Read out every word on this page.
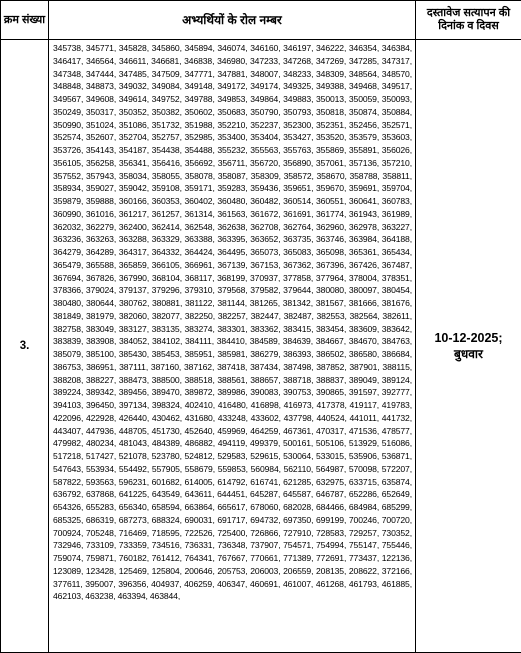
क्रम संख्या	अभ्यर्थियों के रोल नम्बर	दस्तावेज सत्यापन की दिनांक व दिवस
3.	345738, 345771, 345828, 345860, 345894, 346074, 346160, 346197, 346222, 346354, 346384, 346417, 346564, 346611, 346681, 346838, 346980, 347233, 347268, 347269, 347285, 347317, 347348, 347444, 347485, 347509, 347771, 347881, 348007, 348233, 348309, 348564, 348570, 348848, 348873, 349032, 349084, 349148, 349172, 349174, 349325, 349388, 349468, 349517, 349567, 349608, 349614, 349752, 349788, 349853, 349864, 349883, 350013, 350059, 350093, 350249, 350317, 350352, 350382, 350602, 350683, 350790, 350793, 350818, 350874, 350884, 350990, 351024, 351086, 351732, 351988, 352210, 352237, 352300, 352351, 352456, 352571, 352574, 352607, 352704, 352757, 352985, 353400, 353404, 353427, 353520, 353579, 353603, 353726, 354143, 354187, 354438, 354488, 355232, 355563, 355763, 355869, 355891, 356026, 356105, 356258, 356341, 356416, 356692, 356711, 356720, 356890, 357061, 357136, 357210, 357552, 357943, 358034, 358055, 358078, 358087, 358309, 358572, 358670, 358788, 358811, 358934, 359027, 359042, 359108, 359171, 359283, 359436, 359651, 359670, 359691, 359704, 359879, 359888, 360166, 360353, 360402, 360480, 360482, 360514, 360551, 360641, 360783, 360990, 361016, 361217, 361257, 361314, 361563, 361672, 361691, 361774, 361943, 361989, 362032, 362279, 362400, 362414, 362548, 362638, 362708, 362764, 362960, 362978, 363227, 363236, 363263, 363288, 363329, 363388, 363395, 363652, 363735, 363746, 363984, 364188, 364279, 364289, 364317, 364332, 364424, 364495, 365073, 365083, 365098, 365361, 365434, 365479, 365588, 365859, 366105, 366961, 367139, 367153, 367362, 367396, 367426, 367487, 367694, 367826, 367990, 368104, 368117, 368199, 370937, 377858, 377964, 378004, 378351, 378366, 379024, 379137, 379296, 379310, 379568, 379582, 379644, 380080, 380097, 380454, 380480, 380644, 380762, 380881, 381122, 381144, 381265, 381342, 381567, 381666, 381676, 381849, 381979, 382060, 382077, 382250, 382257, 382447, 382487, 382553, 382564, 382611, 382758, 383049, 383127, 383135, 383274, 383301, 383362, 383415, 383454, 383609, 383642, 383839, 383908, 384052, 384102, 384111, 384410, 384589, 384639, 384667, 384670, 384763, 385079, 385100, 385430, 385453, 385951, 385981, 386279, 386393, 386502, 386580, 386684, 386753, 386951, 387111, 387160, 387162, 387418, 387434, 387498, 387852, 387901, 388115, 388208, 388227, 388473, 388500, 388518, 388561, 388657, 388718, 388837, 389049, 389124, 389224, 389342, 389456, 389470, 389872, 389986, 390083, 390753, 390865, 391597, 392777, 394103, 396450, 397134, 398324, 402410, 416480, 416898, 416973, 417378, 419117, 419783, 422096, 422928, 426440, 430462, 431680, 433248, 433602, 437798, 440524, 441011, 441732, 443407, 447936, 448705, 451730, 452640, 459969, 464259, 467361, 470317, 471536, 478577, 479982, 480234, 481043, 484389, 486882, 494119, 499379, 500161, 505106, 513929, 516086, 517218, 517427, 521078, 523780, 524812, 529583, 529615, 530064, 533015, 535906, 536871, 547643, 553934, 554492, 557905, 558679, 559853, 560984, 562110, 564987, 570098, 572207, 587822, 593563, 596231, 601682, 614005, 614792, 616741, 621285, 632975, 633715, 635874, 636792, 637868, 641225, 643549, 643611, 644451, 645287, 645587, 646787, 652286, 652649, 654326, 655283, 656340, 658594, 663864, 665617, 678060, 682028, 684466, 684984, 685299, 685325, 686319, 687273, 688324, 690031, 691717, 694732, 697350, 699199, 700246, 700720, 700924, 705248, 716469, 718595, 722526, 725400, 726866, 727910, 728583, 729257, 730352, 732946, 733109, 733359, 734516, 736331, 736348, 737907, 754571, 754994, 755147, 755446, 759074, 759871, 760182, 761412, 764341, 767667, 770661, 771389, 772691, 773437, 122136, 123089, 123428, 125469, 125804, 200646, 205753, 206003, 206559, 208135, 208622, 372166, 377611, 395007, 396356, 404937, 406259, 406347, 460691, 461007, 461268, 461793, 461885, 462103, 463238, 463394, 463844,	10-12-2025;
बुधवार
